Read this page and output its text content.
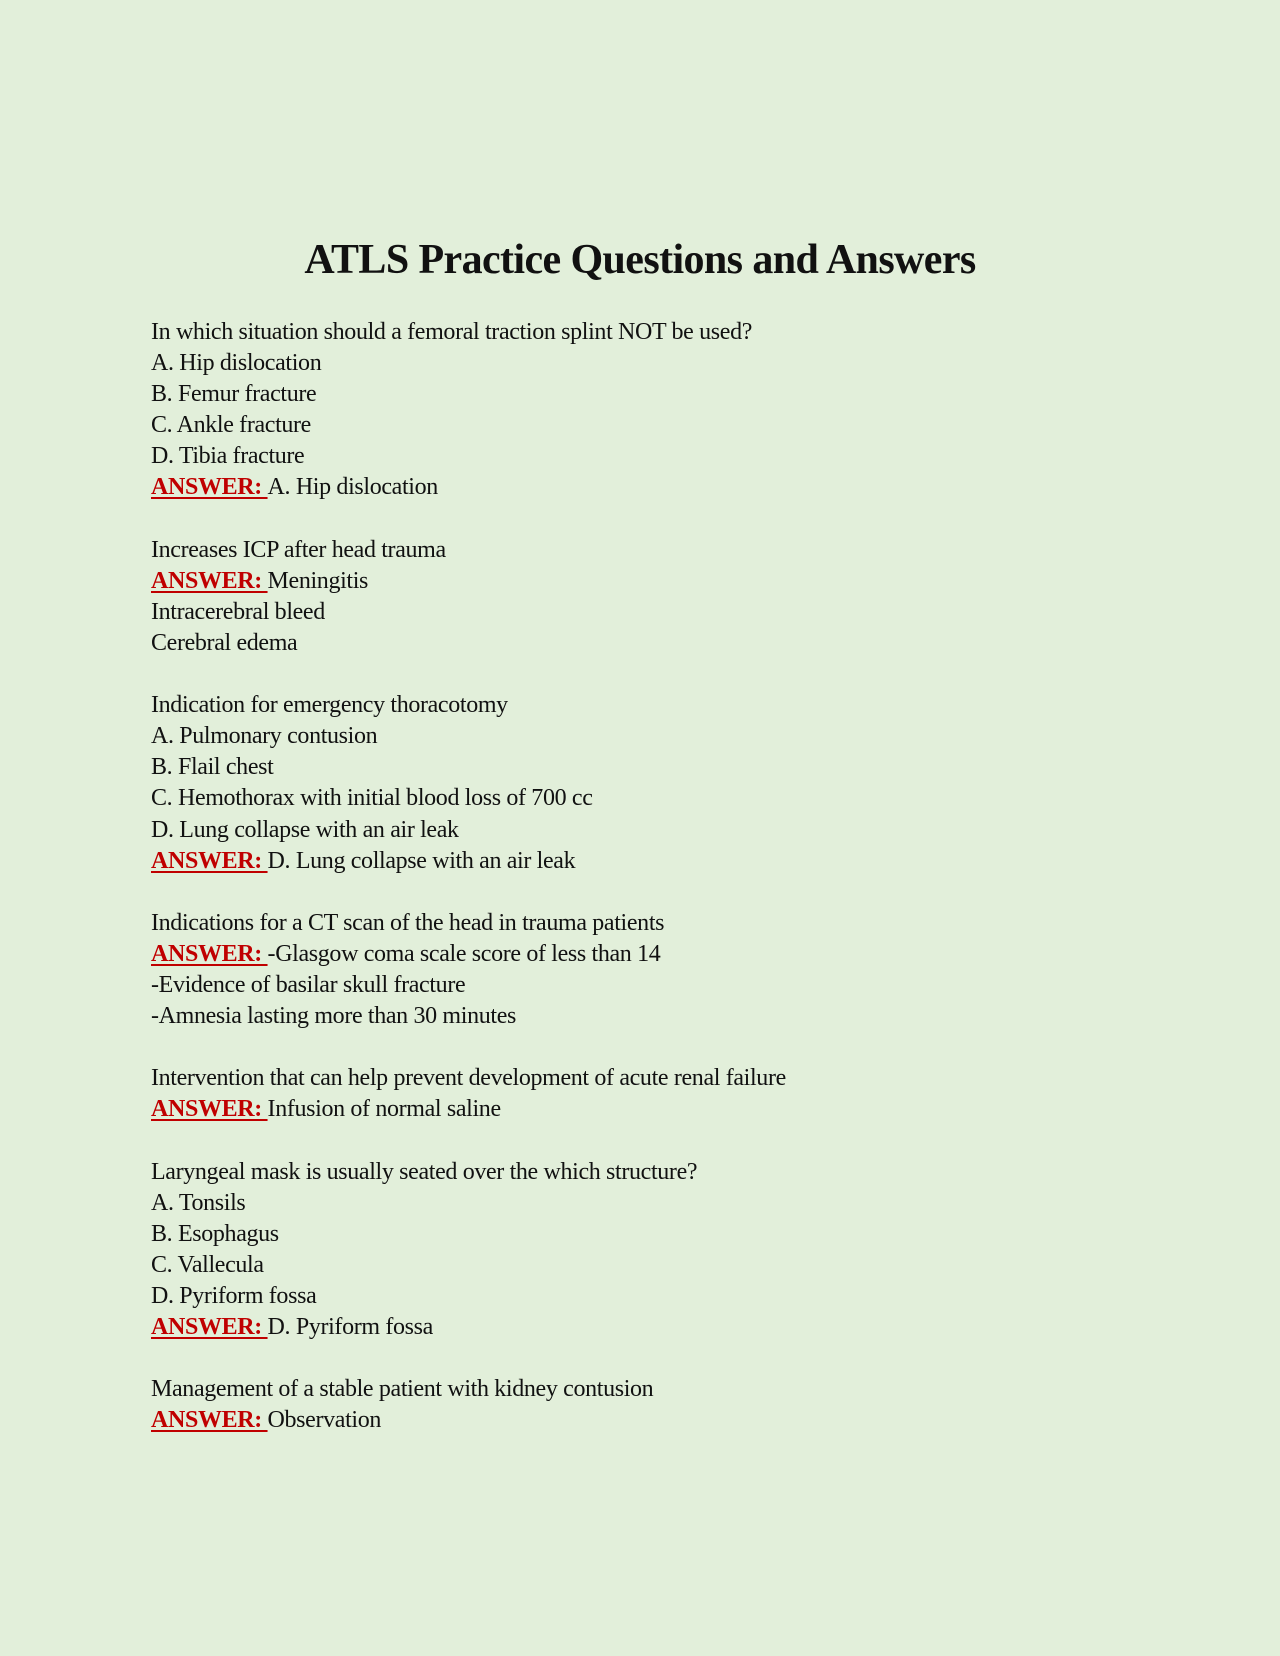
ATLS Practice Questions and Answers
In which situation should a femoral traction splint NOT be used?
A. Hip dislocation
B. Femur fracture
C. Ankle fracture
D. Tibia fracture
ANSWER: A. Hip dislocation
Increases ICP after head trauma
ANSWER: Meningitis
Intracerebral bleed
Cerebral edema
Indication for emergency thoracotomy
A. Pulmonary contusion
B. Flail chest
C. Hemothorax with initial blood loss of 700 cc
D. Lung collapse with an air leak
ANSWER: D. Lung collapse with an air leak
Indications for a CT scan of the head in trauma patients
ANSWER: -Glasgow coma scale score of less than 14
-Evidence of basilar skull fracture
-Amnesia lasting more than 30 minutes
Intervention that can help prevent development of acute renal failure
ANSWER: Infusion of normal saline
Laryngeal mask is usually seated over the which structure?
A. Tonsils
B. Esophagus
C. Vallecula
D. Pyriform fossa
ANSWER: D. Pyriform fossa
Management of a stable patient with kidney contusion
ANSWER: Observation
